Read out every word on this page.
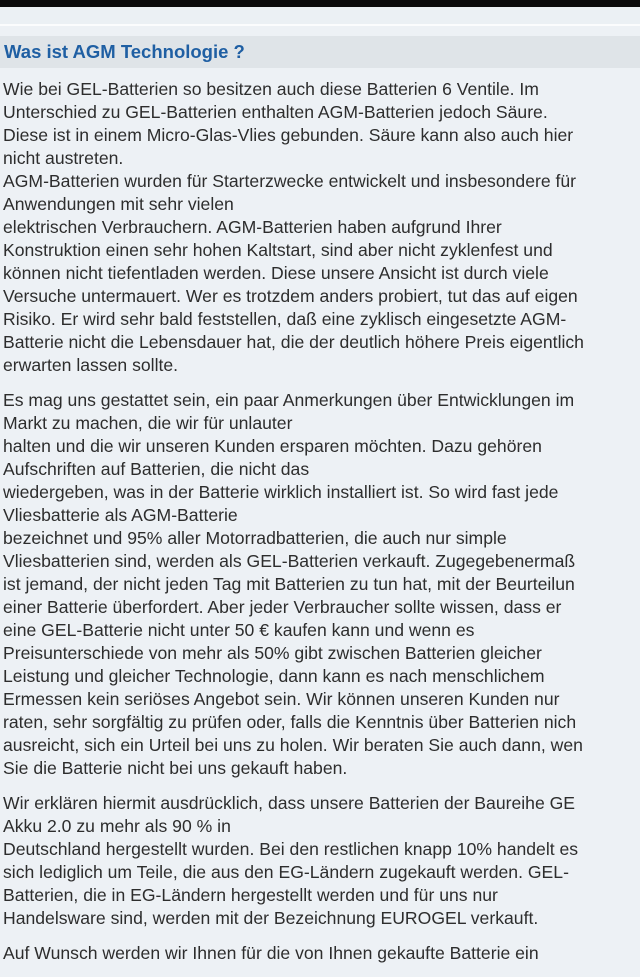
Was ist AGM Technologie ?
Wie bei GEL-Batterien so besitzen auch diese Batterien 6 Ventile. Im
Unterschied zu GEL-Batterien enthalten AGM-Batterien jedoch Säure.
Diese ist in einem Micro-Glas-Vlies gebunden. Säure kann also auch hier
nicht austreten.
AGM-Batterien wurden für Starterzwecke entwickelt und insbesondere für
Anwendungen mit sehr vielen
elektrischen Verbrauchern. AGM-Batterien haben aufgrund Ihrer
Konstruktion einen sehr hohen Kaltstart, sind aber nicht zyklenfest und
können nicht tiefentladen werden. Diese unsere Ansicht ist durch viele
Versuche untermauert. Wer es trotzdem anders probiert, tut das auf eigen
Risiko. Er wird sehr bald feststellen, daß eine zyklisch eingesetzte AGM-
Batterie nicht die Lebensdauer hat, die der deutlich höhere Preis eigentlich
erwarten lassen sollte.
Es mag uns gestattet sein, ein paar Anmerkungen über Entwicklungen im
Markt zu machen, die wir für unlauter
halten und die wir unseren Kunden ersparen möchten. Dazu gehören
Aufschriften auf Batterien, die nicht das
wiedergeben, was in der Batterie wirklich installiert ist. So wird fast jede
Vliesbatterie als AGM-Batterie
bezeichnet und 95% aller Motorradbatterien, die auch nur simple
Vliesbatterien sind, werden als GEL-Batterien verkauft. Zugegebenermaß
ist jemand, der nicht jeden Tag mit Batterien zu tun hat, mit der Beurteilun
einer Batterie überfordert. Aber jeder Verbraucher sollte wissen, dass er
eine GEL-Batterie nicht unter 50 € kaufen kann und wenn es
Preisunterschiede von mehr als 50% gibt zwischen Batterien gleicher
Leistung und gleicher Technologie, dann kann es nach menschlichem
Ermessen kein seriöses Angebot sein. Wir können unseren Kunden nur
raten, sehr sorgfältig zu prüfen oder, falls die Kenntnis über Batterien nich
ausreicht, sich ein Urteil bei uns zu holen. Wir beraten Sie auch dann, wen
Sie die Batterie nicht bei uns gekauft haben.
Wir erklären hiermit ausdrücklich, dass unsere Batterien der Baureihe GE
Akku 2.0 zu mehr als 90 % in
Deutschland hergestellt wurden. Bei den restlichen knapp 10% handelt es
sich lediglich um Teile, die aus den EG-Ländern zugekauft werden. GEL-
Batterien, die in EG-Ländern hergestellt werden und für uns nur
Handelsware sind, werden mit der Bezeichnung EUROGEL verkauft.
Auf Wunsch werden wir Ihnen für die von Ihnen gekaufte Batterie ein
